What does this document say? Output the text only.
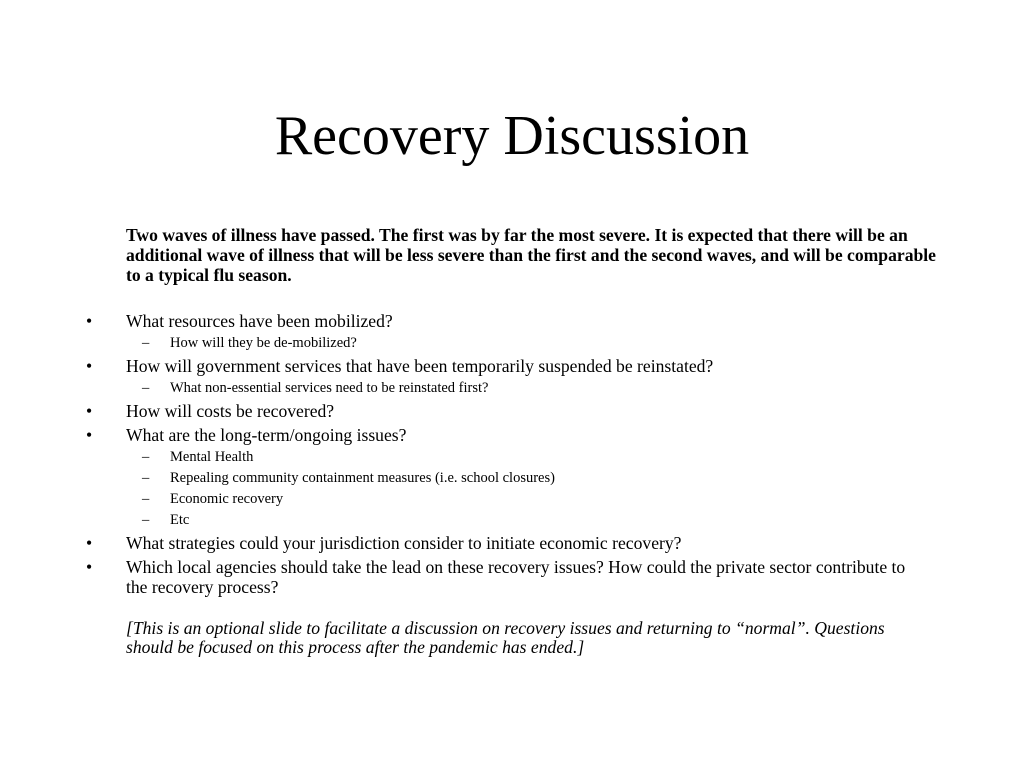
Recovery Discussion

Two waves of illness have passed. The first was by far the most severe. It is expected that there will be an additional wave of illness that will be less severe than the first and the second waves, and will be comparable to a typical flu season.

• What resources have been mobilized?
– How will they be de-mobilized?
• How will government services that have been temporarily suspended be reinstated?
– What non-essential services need to be reinstated first?
• How will costs be recovered?
• What are the long-term/ongoing issues?
– Mental Health
– Repealing community containment measures (i.e. school closures)
– Economic recovery
– Etc
• What strategies could your jurisdiction consider to initiate economic recovery?
• Which local agencies should take the lead on these recovery issues? How could the private sector contribute to the recovery process?

[This is an optional slide to facilitate a discussion on recovery issues and returning to “normal”. Questions should be focused on this process after the pandemic has ended.]
